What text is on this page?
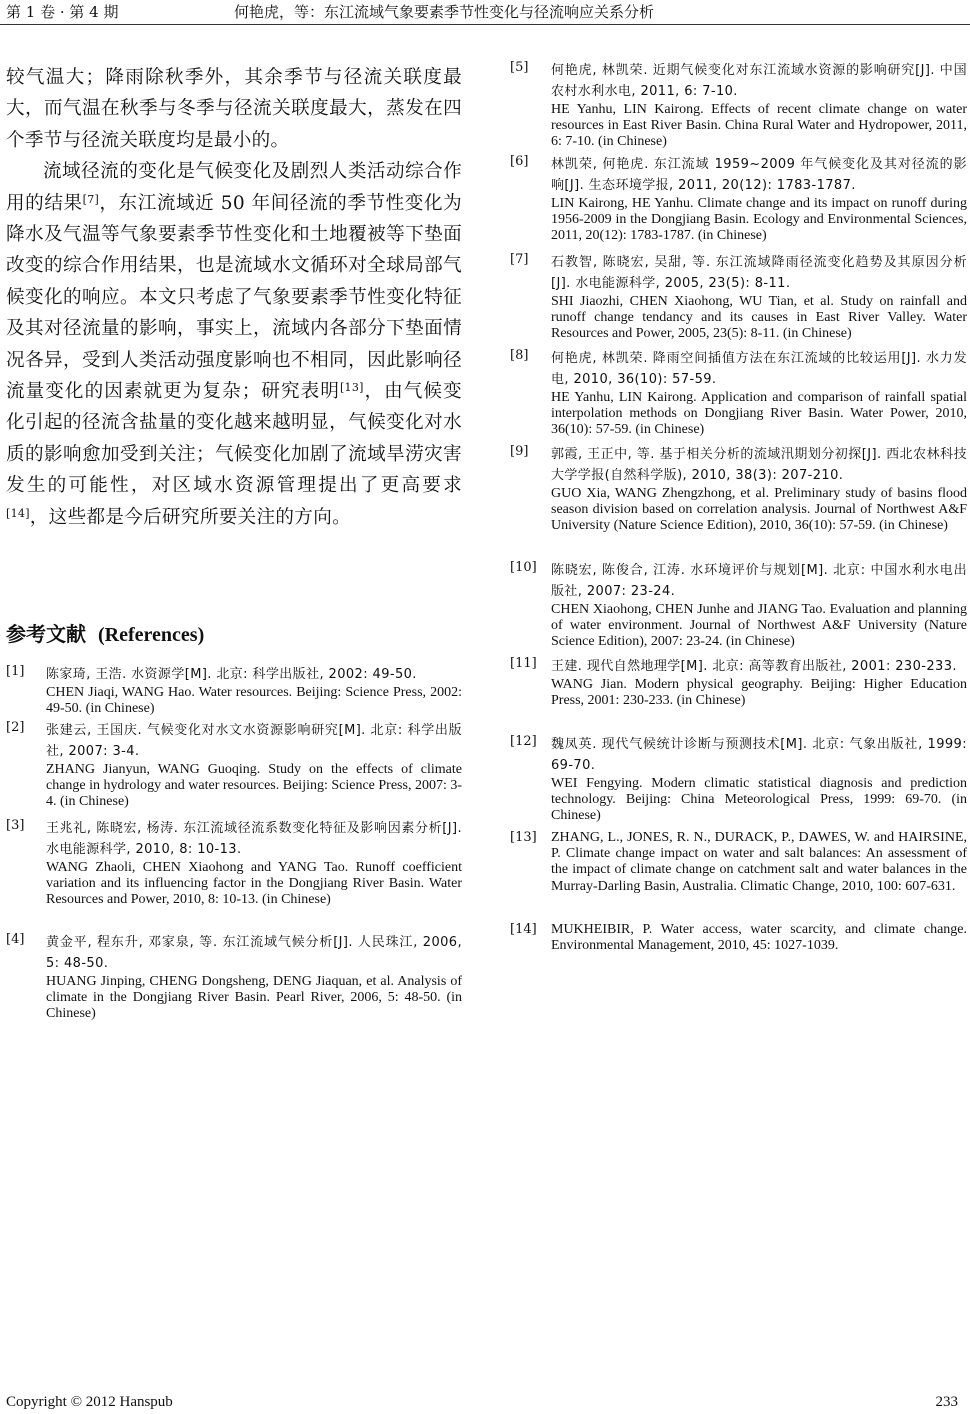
第 1 卷 · 第 4 期	何艳虎，等：东江流域气象要素季节性变化与径流响应关系分析

较气温大；降雨除秋季外，其余季节与径流关联度最大，而气温在秋季与冬季与径流关联度最大，蒸发在四个季节与径流关联度均是最小的。

流域径流的变化是气候变化及剧烈人类活动综合作用的结果[7]，东江流域近 50 年间径流的季节性变化为降水及气温等气象要素季节性变化和土地覆被等下垫面改变的综合作用结果，也是流域水文循环对全球局部气候变化的响应。本文只考虑了气象要素季节性变化特征及其对径流量的影响，事实上，流域内各部分下垫面情况各异，受到人类活动强度影响也不相同，因此影响径流量变化的因素就更为复杂；研究表明[13]，由气候变化引起的径流含盐量的变化越来越明显，气候变化对水质的影响愈加受到关注；气候变化加剧了流域旱涝灾害发生的可能性，对区域水资源管理提出了更高要求[14]，这些都是今后研究所要关注的方向。

参考文献 (References)
[1] 陈家琦, 王浩. 水资源学[M]. 北京: 科学出版社, 2002: 49-50.

CHEN Jiaqi, WANG Hao. Water resources. Beijing: Science Press, 2002: 49-50. (in Chinese)

[2] 张建云, 王国庆. 气候变化对水文水资源影响研究[M]. 北京: 科学出版社, 2007: 3-4.

ZHANG Jianyun, WANG Guoqing. Study on the effects of climate change in hydrology and water resources. Beijing: Science Press, 2007: 3-4. (in Chinese)

[3] 王兆礼, 陈晓宏, 杨涛. 东江流域径流系数变化特征及影响因素分析[J]. 水电能源科学, 2010, 8: 10-13.

WANG Zhaoli, CHEN Xiaohong and YANG Tao. Runoff coefficient variation and its influencing factor in the Dongjiang River Basin. Water Resources and Power, 2010, 8: 10-13. (in Chinese)

[4] 黄金平, 程东升, 邓家泉, 等. 东江流域气候分析[J]. 人民珠江, 2006, 5: 48-50.

HUANG Jinping, CHENG Dongsheng, DENG Jiaquan, et al. Analysis of climate in the Dongjiang River Basin. Pearl River, 2006, 5: 48-50. (in Chinese)

[5] 何艳虎, 林凯荣. 近期气候变化对东江流域水资源的影响研究[J]. 中国农村水利水电, 2011, 6: 7-10.

HE Yanhu, LIN Kairong. Effects of recent climate change on water resources in East River Basin. China Rural Water and Hydropower, 2011, 6: 7-10. (in Chinese)

[6] 林凯荣, 何艳虎. 东江流域 1959~2009 年气候变化及其对径流的影响[J]. 生态环境学报, 2011, 20(12): 1783-1787.

LIN Kairong, HE Yanhu. Climate change and its impact on runoff during 1956-2009 in the Dongjiang Basin. Ecology and Environmental Sciences, 2011, 20(12): 1783-1787. (in Chinese)

[7] 石教智, 陈晓宏, 吴甜, 等. 东江流域降雨径流变化趋势及其原因分析[J]. 水电能源科学, 2005, 23(5): 8-11.

SHI Jiaozhi, CHEN Xiaohong, WU Tian, et al. Study on rainfall and runoff change tendancy and its causes in East River Valley. Water Resources and Power, 2005, 23(5): 8-11. (in Chinese)

[8] 何艳虎, 林凯荣. 降雨空间插值方法在东江流域的比较运用[J]. 水力发电, 2010, 36(10): 57-59.

HE Yanhu, LIN Kairong. Application and comparison of rainfall spatial interpolation methods on Dongjiang River Basin. Water Power, 2010, 36(10): 57-59. (in Chinese)

[9] 郭霞, 王正中, 等. 基于相关分析的流域汛期划分初探[J]. 西北农林科技大学学报(自然科学版), 2010, 38(3): 207-210.

GUO Xia, WANG Zhengzhong, et al. Preliminary study of basins flood season division based on correlation analysis. Journal of Northwest A&F University (Nature Science Edition), 2010, 36(10): 57-59. (in Chinese)

[10] 陈晓宏, 陈俊合, 江涛. 水环境评价与规划[M]. 北京: 中国水利水电出版社, 2007: 23-24.

CHEN Xiaohong, CHEN Junhe and JIANG Tao. Evaluation and planning of water environment. Journal of Northwest A&F University (Nature Science Edition), 2007: 23-24. (in Chinese)

[11] 王建. 现代自然地理学[M]. 北京: 高等教育出版社, 2001: 230-233.

WANG Jian. Modern physical geography. Beijing: Higher Education Press, 2001: 230-233. (in Chinese)

[12] 魏凤英. 现代气候统计诊断与预测技术[M]. 北京: 气象出版社, 1999: 69-70.

WEI Fengying. Modern climatic statistical diagnosis and prediction technology. Beijing: China Meteorological Press, 1999: 69-70. (in Chinese)

[13] ZHANG, L., JONES, R. N., DURACK, P., DAWES, W. and HAIRSINE, P. Climate change impact on water and salt balances: An assessment of the impact of climate change on catchment salt and water balances in the Murray-Darling Basin, Australia. Climatic Change, 2010, 100: 607-631.

[14] MUKHEIBIR, P. Water access, water scarcity, and climate change. Environmental Management, 2010, 45: 1027-1039.

Copyright © 2012 Hanspub	233
